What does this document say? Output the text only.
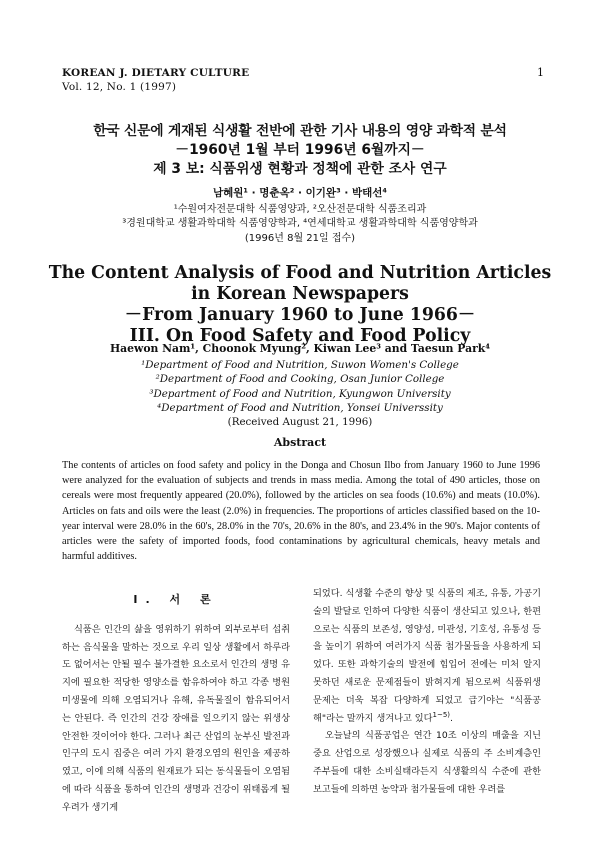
KOREAN J. DIETARY CULTURE
Vol. 12, No. 1 (1997)
1
한국 신문에 게재된 식생활 전반에 관한 기사 내용의 영양 과학적 분석
－1960년 1월 부터 1996년 6월까지－
제 3 보: 식품위생 현황과 정책에 관한 조사 연구
남혜원¹ · 명춘옥² · 이기완³ · 박태선⁴
¹수원여자전문대학 식품영양과, ²오산전문대학 식품조리과
³경원대학교 생활과학대학 식품영양학과, ⁴연세대학교 생활과학대학 식품영양학과
(1996년 8월 21일 접수)
The Content Analysis of Food and Nutrition Articles
in Korean Newspapers
－From January 1960 to June 1966－
III. On Food Safety and Food Policy
Haewon Nam¹, Choonok Myung², Kiwan Lee³ and Taesun Park⁴
¹Department of Food and Nutrition, Suwon Women's College
²Department of Food and Cooking, Osan Junior College
³Department of Food and Nutrition, Kyungwon University
⁴Department of Food and Nutrition, Yonsei Universsity
(Received August 21, 1996)
Abstract
The contents of articles on food safety and policy in the Donga and Chosun Ilbo from January 1960 to June 1996 were analyzed for the evaluation of subjects and trends in mass media. Among the total of 490 articles, those on cereals were most frequently appeared (20.0%), followed by the articles on sea foods (10.6%) and meats (10.0%). Articles on fats and oils were the least (2.0%) in frequencies. The proportions of articles classified based on the 10-year interval were 28.0% in the 60's, 28.0% in the 70's, 20.6% in the 80's, and 23.4% in the 90's. Major contents of articles were the safety of imported foods, food contaminations by agricultural chemicals, heavy metals and harmful additives.
I. 서 론

식품은 인간의 삶을 영위하기 위하여 외부로부터 섭취하는 음식물을 말하는 것으로 우리 일상 생활에서 하루라도 없어서는 안될 필수 불가결한 요소로서 인간의 생명 유지에 필요한 적당한 영양소를 함유하여야 하고 각종 병원 미생물에 의해 오염되거나 유해, 유독물질이 함유되어서는 안된다. 즉 인간의 건강 장애를 일으키지 않는 위생상 안전한 것이어야 한다. 그러나 최근 산업의 눈부신 발전과 인구의 도시 집중은 여러 가지 환경오염의 원인을 제공하였고, 이에 의해 식품의 원재료가 되는 동식물들이 오염됨에 따라 식품을 통하여 인간의 생명과 건강이 위태롭게 될 우려가 생기게

되었다. 식생활 수준의 향상 및 식품의 제조, 유통, 가공기술의 발달로 인하여 다양한 식품이 생산되고 있으나, 한편으로는 식품의 보존성, 영양성, 미관성, 기호성, 유통성 등을 높이기 위하여 여러가지 식품 첨가물들을 사용하게 되었다. 또한 과학기술의 발전에 힘입어 전에는 미처 알지 못하던 새로운 문제점들이 밝혀지게 됨으로써 식품위생 문제는 더욱 복잡 다양하게 되었고 급기야는 "식품공해"라는 말까지 생겨나고 있다$^{1\sim 5)}$.

오늘날의 식품공업은 연간 10조 이상의 매출을 지닌 중요 산업으로 성장했으나 실제로 식품의 주 소비계층인 주부들에 대한 소비실태라든지 식생활의식 수준에 관한 보고들에 의하면 농약과 첨가물들에 대한 우려를
